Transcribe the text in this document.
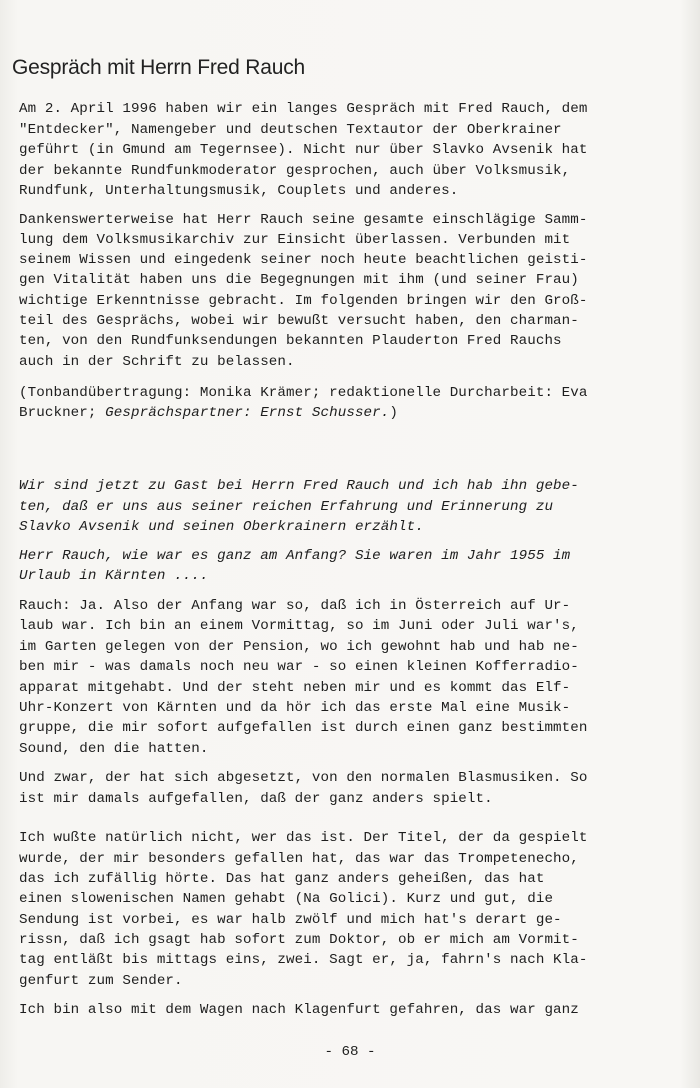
Gespräch mit Herrn Fred Rauch
Am 2. April 1996 haben wir ein langes Gespräch mit Fred Rauch, dem
"Entdecker", Namengeber und deutschen Textautor der Oberkrainer
geführt (in Gmund am Tegernsee). Nicht nur über Slavko Avsenik hat
der bekannte Rundfunkmoderator gesprochen, auch über Volksmusik,
Rundfunk, Unterhaltungsmusik, Couplets und anderes.
Dankenswerterweise hat Herr Rauch seine gesamte einschlägige Samm-
lung dem Volksmusikarchiv zur Einsicht überlassen. Verbunden mit
seinem Wissen und eingedenk seiner noch heute beachtlichen geisti-
gen Vitalität haben uns die Begegnungen mit ihm (und seiner Frau)
wichtige Erkenntnisse gebracht. Im folgenden bringen wir den Groß-
teil des Gesprächs, wobei wir bewußt versucht haben, den charman-
ten, von den Rundfunksendungen bekannten Plauderton Fred Rauchs
auch in der Schrift zu belassen.
(Tonbandübertragung: Monika Krämer; redaktionelle Durcharbeit: Eva
Bruckner; Gesprächspartner: Ernst Schusser.)
Wir sind jetzt zu Gast bei Herrn Fred Rauch und ich hab ihn gebe-
ten, daß er uns aus seiner reichen Erfahrung und Erinnerung zu
Slavko Avsenik und seinen Oberkrainern erzählt.
Herr Rauch, wie war es ganz am Anfang? Sie waren im Jahr 1955 im
Urlaub in Kärnten ....
Rauch: Ja. Also der Anfang war so, daß ich in Österreich auf Ur-
laub war. Ich bin an einem Vormittag, so im Juni oder Juli war's,
im Garten gelegen von der Pension, wo ich gewohnt hab und hab ne-
ben mir - was damals noch neu war - so einen kleinen Kofferradio-
apparat mitgehabt. Und der steht neben mir und es kommt das Elf-
Uhr-Konzert von Kärnten und da hör ich das erste Mal eine Musik-
gruppe, die mir sofort aufgefallen ist durch einen ganz bestimmten
Sound, den die hatten.
Und zwar, der hat sich abgesetzt, von den normalen Blasmusiken. So
ist mir damals aufgefallen, daß der ganz anders spielt.
Ich wußte natürlich nicht, wer das ist. Der Titel, der da gespielt
wurde, der mir besonders gefallen hat, das war das Trompetenecho,
das ich zufällig hörte. Das hat ganz anders geheißen, das hat
einen slowenischen Namen gehabt (Na Golici). Kurz und gut, die
Sendung ist vorbei, es war halb zwölf und mich hat's derart ge-
rissn, daß ich gsagt hab sofort zum Doktor, ob er mich am Vormit-
tag entläßt bis mittags eins, zwei. Sagt er, ja, fahrn's nach Kla-
genfurt zum Sender.
Ich bin also mit dem Wagen nach Klagenfurt gefahren, das war ganz
- 68 -
